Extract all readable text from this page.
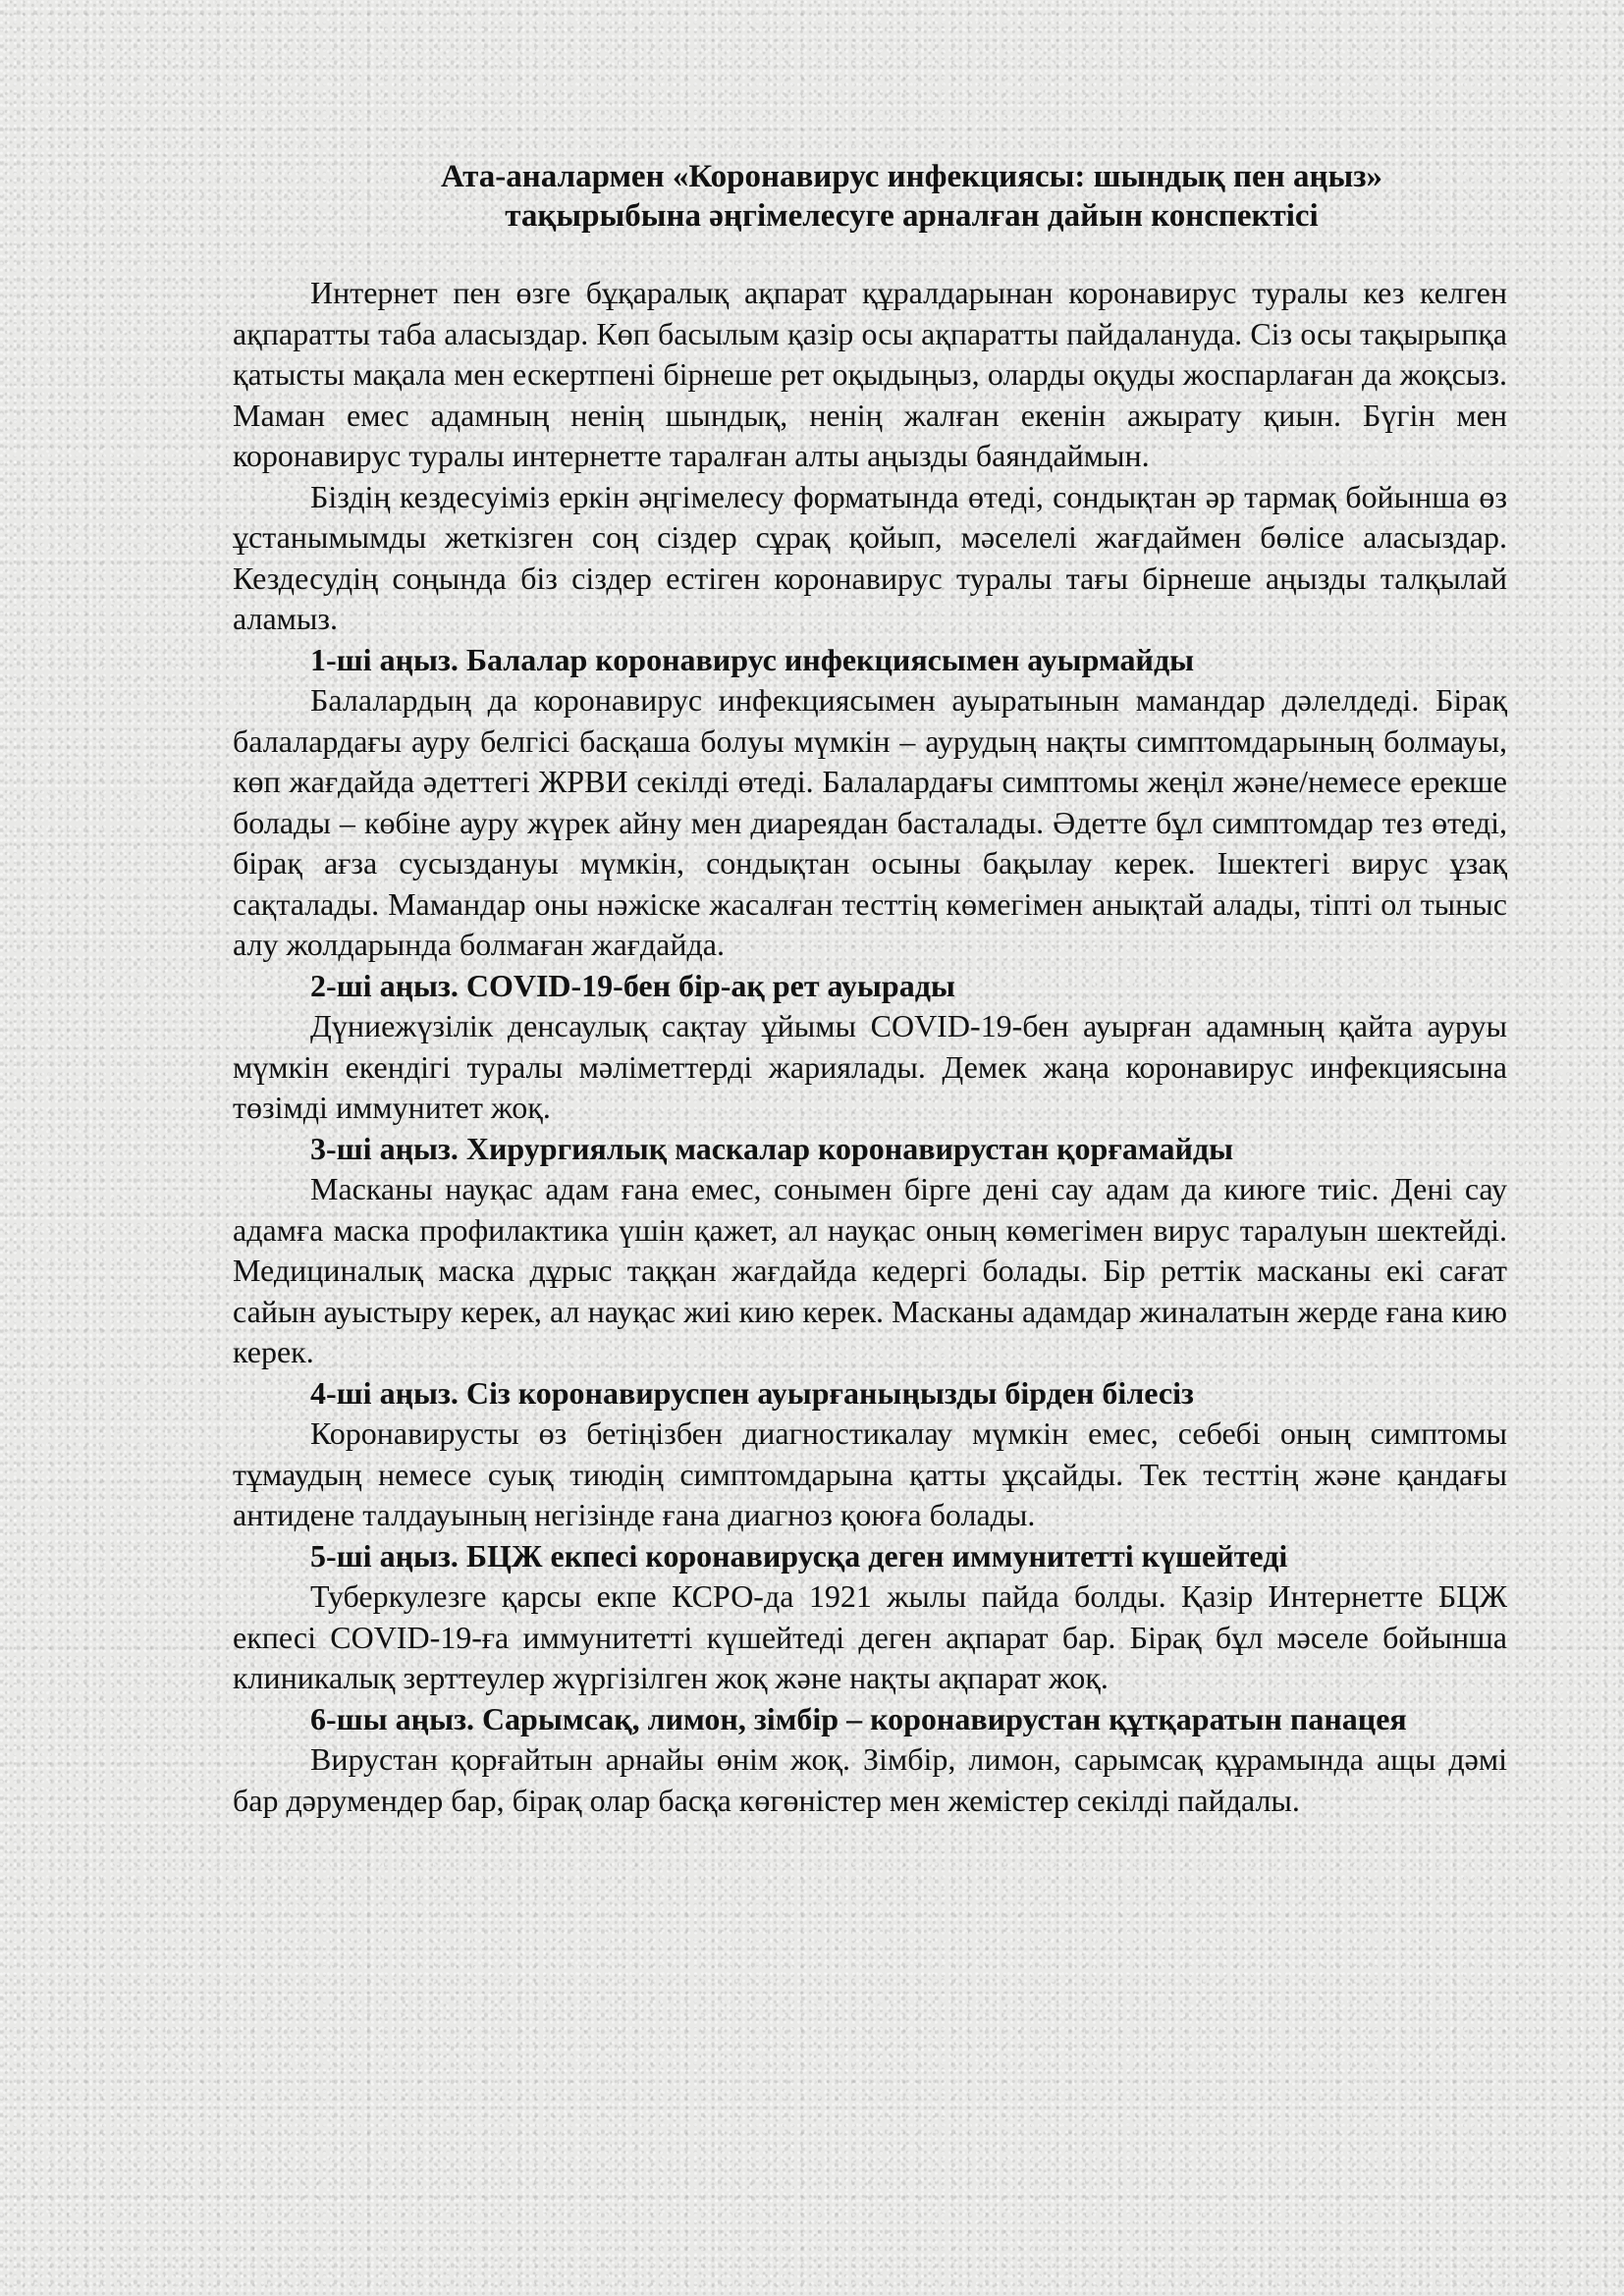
Ата-аналармен «Коронавирус инфекциясы: шындық пен аңыз»
тақырыбына әңгімелесуге арналған дайын конспектісі

Интернет пен өзге бұқаралық ақпарат құралдарынан коронавирус туралы кез келген ақпаратты таба аласыздар. Көп басылым қазір осы ақпаратты пайдалануда. Сіз осы тақырыпқа қатысты мақала мен ескертпені бірнеше рет оқыдыңыз, оларды оқуды жоспарлаған да жоқсыз. Маман емес адамның ненің шындық, ненің жалған екенін ажырату қиын. Бүгін мен коронавирус туралы интернетте таралған алты аңызды баяндаймын.

Біздің кездесуіміз еркін әңгімелесу форматында өтеді, сондықтан әр тармақ бойынша өз ұстанымымды жеткізген соң сіздер сұрақ қойып, мәселелі жағдаймен бөлісе аласыздар. Кездесудің соңында біз сіздер естіген коронавирус туралы тағы бірнеше аңызды талқылай аламыз.

1-ші аңыз. Балалар коронавирус инфекциясымен ауырмайды

Балалардың да коронавирус инфекциясымен ауыратынын мамандар дәлелдеді. Бірақ балалардағы ауру белгісі басқаша болуы мүмкін – аурудың нақты симптомдарының болмауы, көп жағдайда әдеттегі ЖРВИ секілді өтеді. Балалардағы симптомы жеңіл және/немесе ерекше болады – көбіне ауру жүрек айну мен диареядан басталады. Әдетте бұл симптомдар тез өтеді, бірақ ағза сусыздануы мүмкін, сондықтан осыны бақылау керек. Ішектегі вирус ұзақ сақталады. Мамандар оны нәжіске жасалған тесттің көмегімен анықтай алады, тіпті ол тыныс алу жолдарында болмаған жағдайда.

2-ші аңыз. COVID-19-бен бір-ақ рет ауырады

Дүниежүзілік денсаулық сақтау ұйымы COVID-19-бен ауырған адамның қайта ауруы мүмкін екендігі туралы мәліметтерді жариялады. Демек жаңа коронавирус инфекциясына төзімді иммунитет жоқ.

3-ші аңыз. Хирургиялық маскалар коронавирустан қорғамайды

Масканы науқас адам ғана емес, сонымен бірге дені сау адам да киюге тиіс. Дені сау адамға маска профилактика үшін қажет, ал науқас оның көмегімен вирус таралуын шектейді. Медициналық маска дұрыс таққан жағдайда кедергі болады. Бір реттік масканы екі сағат сайын ауыстыру керек, ал науқас жиі кию керек. Масканы адамдар жиналатын жерде ғана кию керек.

4-ші аңыз. Сіз коронавируспен ауырғаныңызды бірден білесіз

Коронавирусты өз бетіңізбен диагностикалау мүмкін емес, себебі оның симптомы тұмаудың немесе суық тиюдің симптомдарына қатты ұқсайды. Тек тесттің және қандағы антидене талдауының негізінде ғана диагноз қоюға болады.

5-ші аңыз. БЦЖ екпесі коронавирусқа деген иммунитетті күшейтеді

Туберкулезге қарсы екпе КСРО-да 1921 жылы пайда болды. Қазір Интернетте БЦЖ екпесі COVID-19-ға иммунитетті күшейтеді деген ақпарат бар. Бірақ бұл мәселе бойынша клиникалық зерттеулер жүргізілген жоқ және нақты ақпарат жоқ.

6-шы аңыз. Сарымсақ, лимон, зімбір – коронавирустан құтқаратын панацея

Вирустан қорғайтын арнайы өнім жоқ. Зімбір, лимон, сарымсақ құрамында ащы дәмі бар дәрумендер бар, бірақ олар басқа көгөністер мен жемістер секілді пайдалы.
